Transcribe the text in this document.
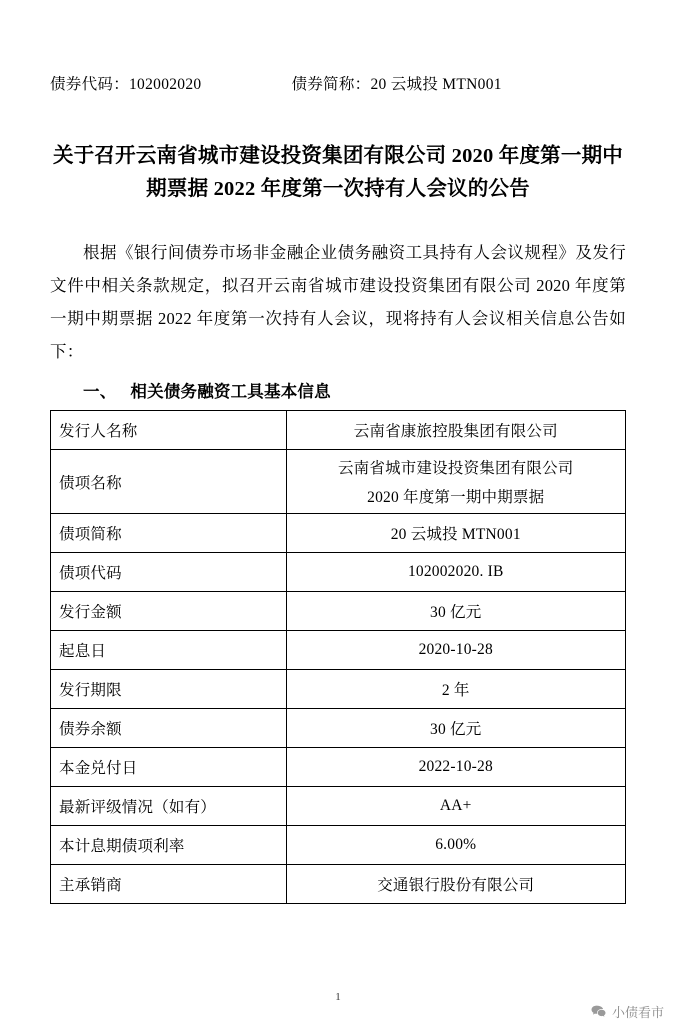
债券代码：102002020	债券简称：20 云城投 MTN001
关于召开云南省城市建设投资集团有限公司 2020 年度第一期中期票据 2022 年度第一次持有人会议的公告
根据《银行间债券市场非金融企业债务融资工具持有人会议规程》及发行文件中相关条款规定，拟召开云南省城市建设投资集团有限公司 2020 年度第一期中期票据 2022 年度第一次持有人会议，现将持有人会议相关信息公告如下：
一、 相关债务融资工具基本信息
发行人名称	云南省康旅控股集团有限公司
债项名称	云南省城市建设投资集团有限公司
2020 年度第一期中期票据

债项简称	20 云城投 MTN001
债项代码	102002020. IB
发行金额	30 亿元
起息日	2020-10-28
发行期限	2 年
债券余额	30 亿元
本金兑付日	2022-10-28
最新评级情况（如有）	AA+
本计息期债项利率	6.00%
主承销商	交通银行股份有限公司
1
小债看市
